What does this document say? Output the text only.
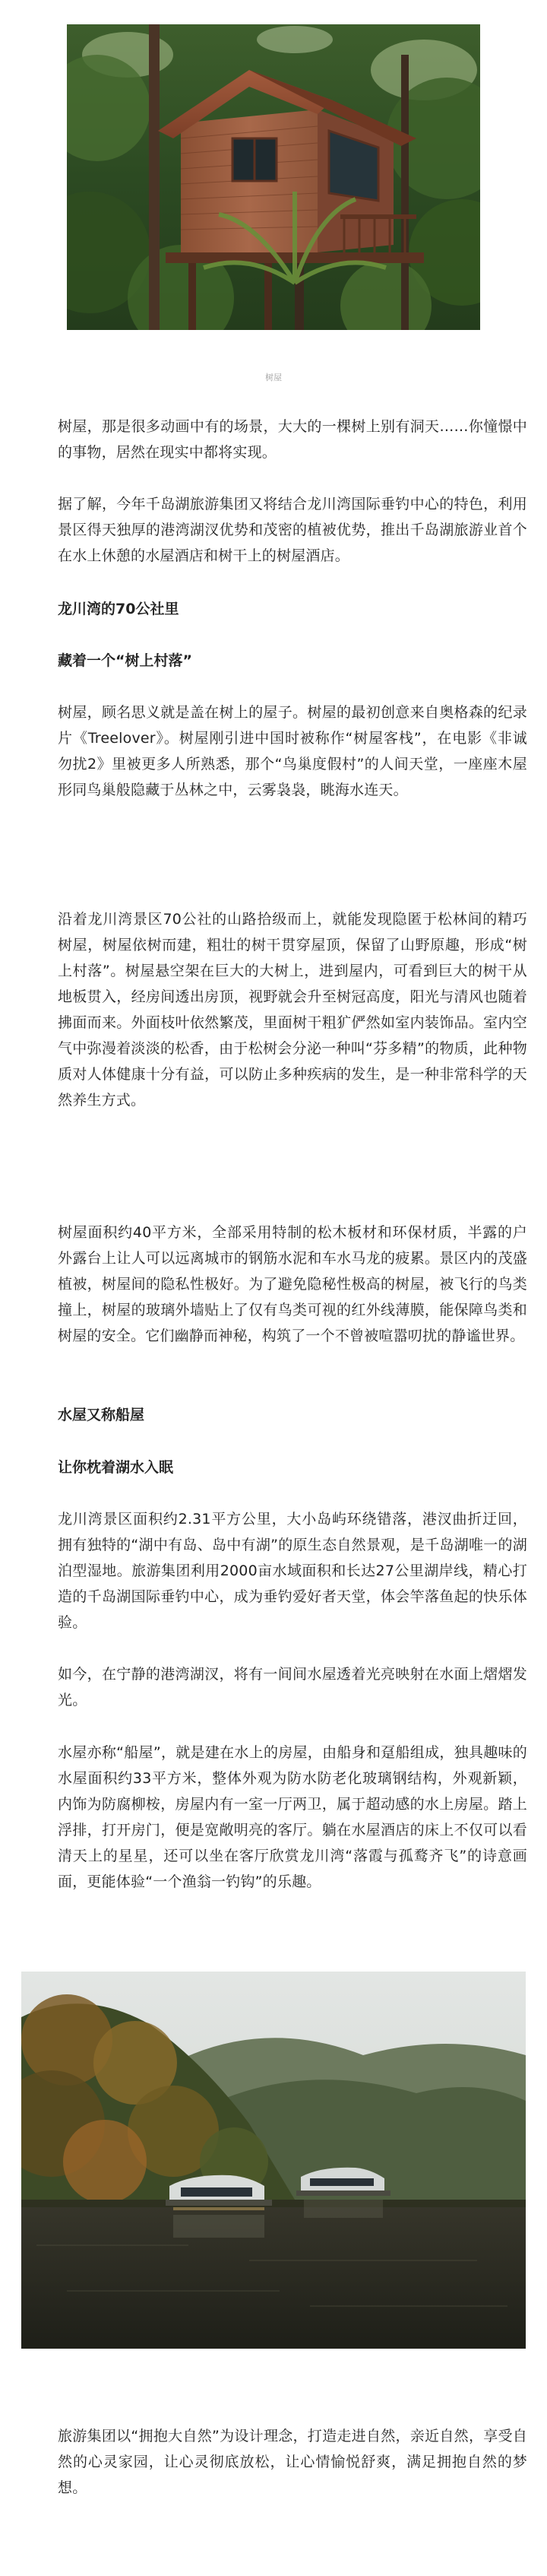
树屋

树屋，那是很多动画中有的场景，大大的一棵树上别有洞天……你憧憬中的事物，居然在现实中都将实现。

据了解，今年千岛湖旅游集团又将结合龙川湾国际垂钓中心的特色，利用景区得天独厚的港湾湖汊优势和茂密的植被优势，推出千岛湖旅游业首个在水上休憩的水屋酒店和树干上的树屋酒店。

龙川湾的70公社里

藏着一个“树上村落”

树屋，顾名思义就是盖在树上的屋子。树屋的最初创意来自奥格森的纪录片《Treelover》。树屋刚引进中国时被称作“树屋客栈”，在电影《非诚勿扰2》里被更多人所熟悉，那个“鸟巢度假村”的人间天堂，一座座木屋形同鸟巢般隐藏于丛林之中，云雾袅袅，眺海水连天。

沿着龙川湾景区70公社的山路拾级而上，就能发现隐匿于松林间的精巧树屋，树屋依树而建，粗壮的树干贯穿屋顶，保留了山野原趣，形成“树上村落”。树屋悬空架在巨大的大树上，进到屋内，可看到巨大的树干从地板贯入，经房间透出房顶，视野就会升至树冠高度，阳光与清风也随着拂面而来。外面枝叶依然繁茂，里面树干粗犷俨然如室内装饰品。室内空气中弥漫着淡淡的松香，由于松树会分泌一种叫“芬多精”的物质，此种物质对人体健康十分有益，可以防止多种疾病的发生，是一种非常科学的天然养生方式。

树屋面积约40平方米，全部采用特制的松木板材和环保材质，半露的户外露台上让人可以远离城市的钢筋水泥和车水马龙的疲累。景区内的茂盛植被，树屋间的隐私性极好。为了避免隐秘性极高的树屋，被飞行的鸟类撞上，树屋的玻璃外墙贴上了仅有鸟类可视的红外线薄膜，能保障鸟类和树屋的安全。它们幽静而神秘，构筑了一个不曾被喧嚣叨扰的静谧世界。

水屋又称船屋

让你枕着湖水入眠

龙川湾景区面积约2.31平方公里，大小岛屿环绕错落，港汊曲折迂回，拥有独特的“湖中有岛、岛中有湖”的原生态自然景观，是千岛湖唯一的湖泊型湿地。旅游集团利用2000亩水域面积和长达27公里湖岸线，精心打造的千岛湖国际垂钓中心，成为垂钓爱好者天堂，体会竿落鱼起的快乐体验。

如今，在宁静的港湾湖汊，将有一间间水屋透着光亮映射在水面上熠熠发光。

水屋亦称“船屋”，就是建在水上的房屋，由船身和趸船组成，独具趣味的水屋面积约33平方米，整体外观为防水防老化玻璃钢结构，外观新颖，内饰为防腐柳桉，房屋内有一室一厅两卫，属于超动感的水上房屋。踏上浮排，打开房门，便是宽敞明亮的客厅。躺在水屋酒店的床上不仅可以看清天上的星星，还可以坐在客厅欣赏龙川湾“落霞与孤鹜齐飞”的诗意画面，更能体验“一个渔翁一钓钩”的乐趣。

旅游集团以“拥抱大自然”为设计理念，打造走进自然，亲近自然，享受自然的心灵家园，让心灵彻底放松，让心情愉悦舒爽，满足拥抱自然的梦想。
